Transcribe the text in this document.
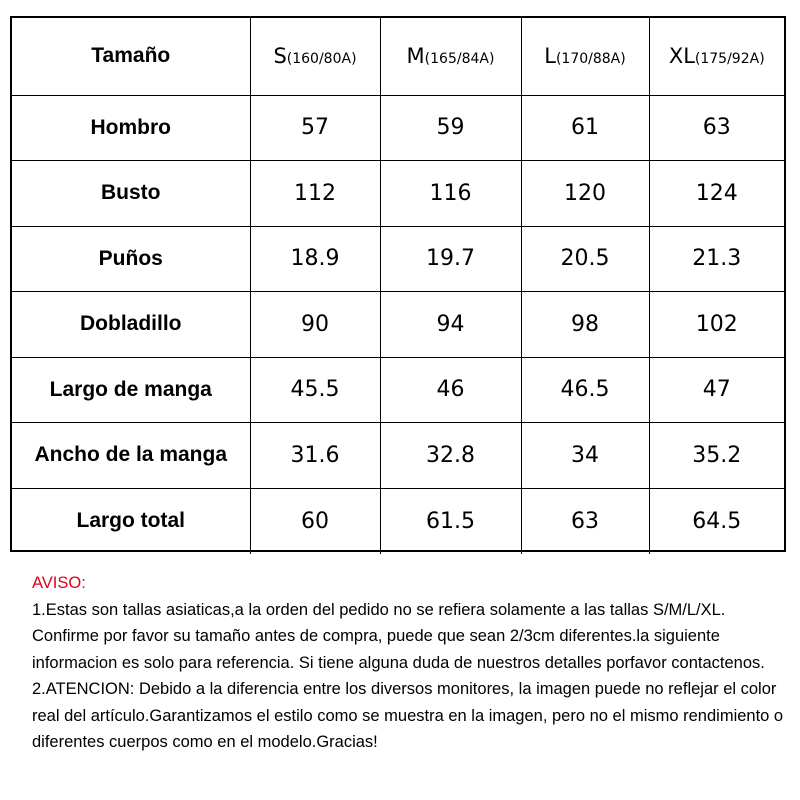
Tamaño	S(160/80A)	M(165/84A)	L(170/88A)	XL(175/92A)
Hombro	57	59	61	63
Busto	112	116	120	124
Puños	18.9	19.7	20.5	21.3
Dobladillo	90	94	98	102
Largo de manga	45.5	46	46.5	47
Ancho de la manga	31.6	32.8	34	35.2
Largo total	60	61.5	63	64.5

AVISO:

1.Estas son tallas asiaticas,a la orden del pedido no se refiera solamente a las tallas S/M/L/XL. Confirme por favor su tamaño antes de compra, puede que sean 2/3cm diferentes.la siguiente informacion es solo para referencia. Si tiene alguna duda de nuestros detalles porfavor contactenos.

2.ATENCION: Debido a la diferencia entre los diversos monitores, la imagen puede no reflejar el color real del artículo.Garantizamos el estilo como se muestra en la imagen, pero no el mismo rendimiento o diferentes cuerpos como en el modelo.Gracias!
